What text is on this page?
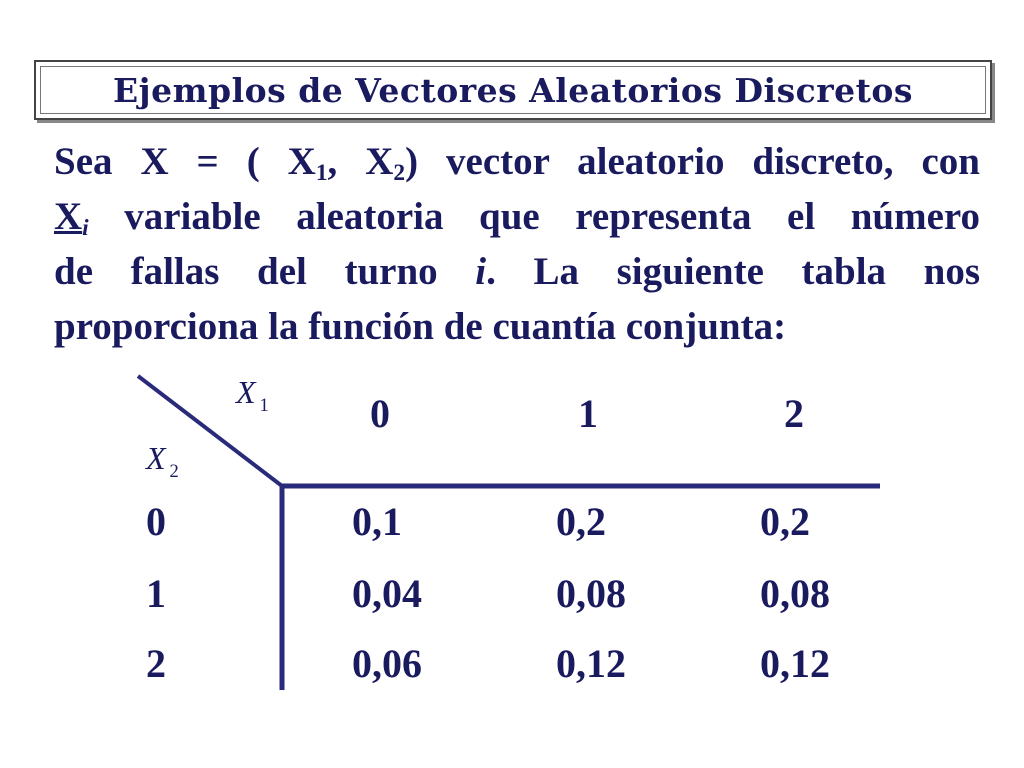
Ejemplos de Vectores Aleatorios Discretos
Sea X = ( $X_1$, $X_2$) vector aleatorio discreto, con
$X_i$ variable aleatoria que representa el número
de fallas del turno i. La siguiente tabla nos
proporciona la función de cuantía conjunta:
X $_1$
X $_2$
0	1	2
0	0,1	0,2	0,2
1	0,04	0,08	0,08
2	0,06	0,12	0,12
